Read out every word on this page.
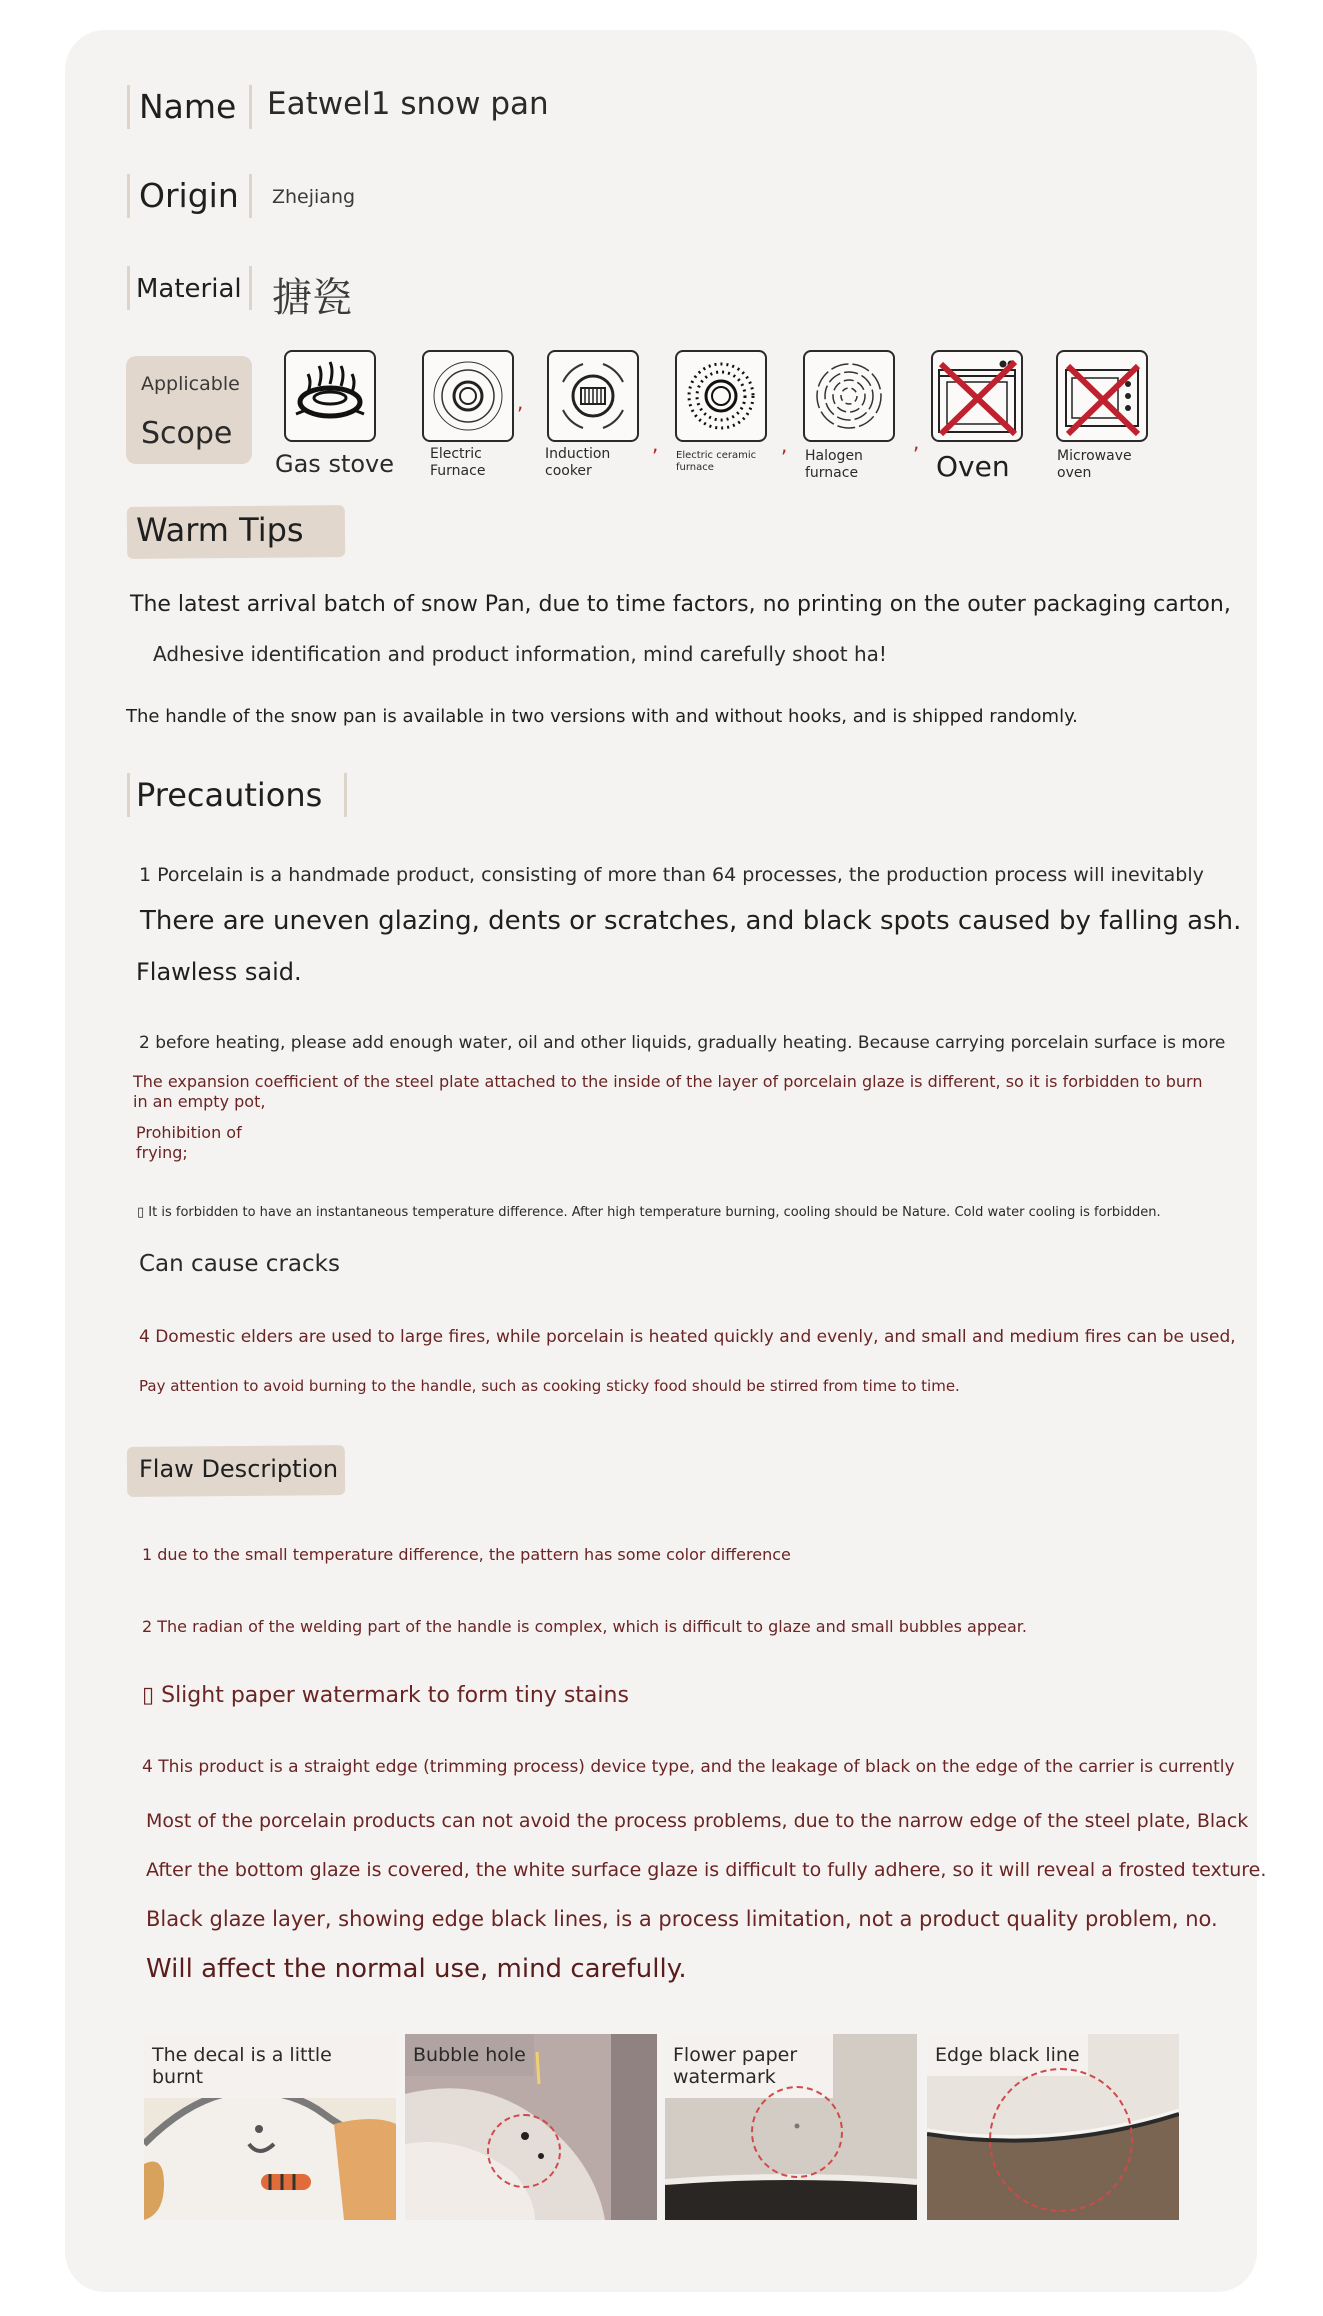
Name Eatwel1 snow pan
Origin Zhejiang
Material 搪瓷
Applicable
Scope
Gas stove	Electric Furnace
Induction cooker
Electric ceramic furnace
Halogen furnace	Oven	Microwave oven
,
,	,	,
Warm Tips
The latest arrival batch of snow Pan, due to time factors, no printing on the outer packaging carton,
Adhesive identification and product information, mind carefully shoot ha!
The handle of the snow pan is available in two versions with and without hooks, and is shipped randomly.
Precautions
1 Porcelain is a handmade product, consisting of more than 64 processes, the production process will inevitably
There are uneven glazing, dents or scratches, and black spots caused by falling ash.
Flawless said.
2 before heating, please add enough water, oil and other liquids, gradually heating. Because carrying porcelain surface is more
The expansion coefficient of the steel plate attached to the inside of the layer of porcelain glaze is different, so it is forbidden to burn in an empty pot,
Prohibition of frying;
▯ It is forbidden to have an instantaneous temperature difference. After high temperature burning, cooling should be Nature. Cold water cooling is forbidden.
Can cause cracks
4 Domestic elders are used to large fires, while porcelain is heated quickly and evenly, and small and medium fires can be used,
Pay attention to avoid burning to the handle, such as cooking sticky food should be stirred from time to time.
Flaw Description
1 due to the small temperature difference, the pattern has some color difference
2 The radian of the welding part of the handle is complex, which is difficult to glaze and small bubbles appear.
▯ Slight paper watermark to form tiny stains
4 This product is a straight edge (trimming process) device type, and the leakage of black on the edge of the carrier is currently
Most of the porcelain products can not avoid the process problems, due to the narrow edge of the steel plate, Black
After the bottom glaze is covered, the white surface glaze is difficult to fully adhere, so it will reveal a frosted texture.
Black glaze layer, showing edge black lines, is a process limitation, not a product quality problem, no.
Will affect the normal use, mind carefully.
The decal is a little burnt
Bubble hole	Flower paper watermark
Edge black line
